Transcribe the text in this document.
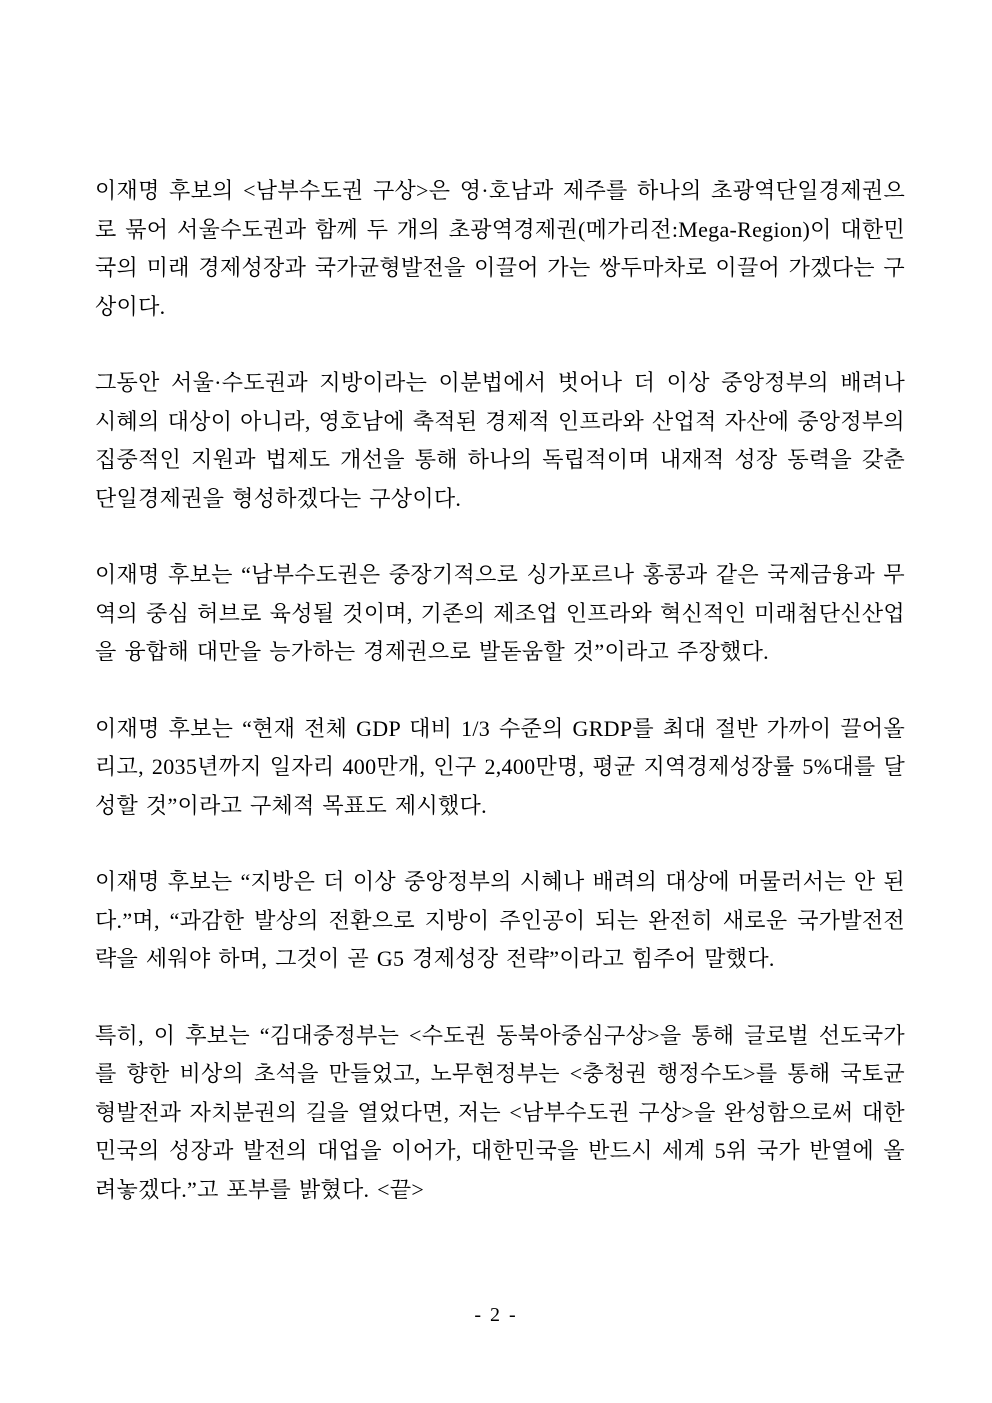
이재명 후보의 <남부수도권 구상>은 영·호남과 제주를 하나의 초광역단일경제권으로 묶어 서울수도권과 함께 두 개의 초광역경제권(메가리전:Mega-Region)이 대한민국의 미래 경제성장과 국가균형발전을 이끌어 가는 쌍두마차로 이끌어 가겠다는 구상이다.

그동안 서울·수도권과 지방이라는 이분법에서 벗어나 더 이상 중앙정부의 배려나 시혜의 대상이 아니라, 영호남에 축적된 경제적 인프라와 산업적 자산에 중앙정부의 집중적인 지원과 법제도 개선을 통해 하나의 독립적이며 내재적 성장 동력을 갖춘 단일경제권을 형성하겠다는 구상이다.

이재명 후보는 “남부수도권은 중장기적으로 싱가포르나 홍콩과 같은 국제금융과 무역의 중심 허브로 육성될 것이며, 기존의 제조업 인프라와 혁신적인 미래첨단신산업을 융합해 대만을 능가하는 경제권으로 발돋움할 것”이라고 주장했다.

이재명 후보는 “현재 전체 GDP 대비 1/3 수준의 GRDP를 최대 절반 가까이 끌어올리고, 2035년까지 일자리 400만개, 인구 2,400만명, 평균 지역경제성장률 5%대를 달성할 것”이라고 구체적 목표도 제시했다.

이재명 후보는 “지방은 더 이상 중앙정부의 시혜나 배려의 대상에 머물러서는 안 된다.”며, “과감한 발상의 전환으로 지방이 주인공이 되는 완전히 새로운 국가발전전략을 세워야 하며, 그것이 곧 G5 경제성장 전략”이라고 힘주어 말했다.

특히, 이 후보는 “김대중정부는 <수도권 동북아중심구상>을 통해 글로벌 선도국가를 향한 비상의 초석을 만들었고, 노무현정부는 <충청권 행정수도>를 통해 국토균형발전과 자치분권의 길을 열었다면, 저는 <남부수도권 구상>을 완성함으로써 대한민국의 성장과 발전의 대업을 이어가, 대한민국을 반드시 세계 5위 국가 반열에 올려놓겠다.”고 포부를 밝혔다. <끝>

- 2 -
